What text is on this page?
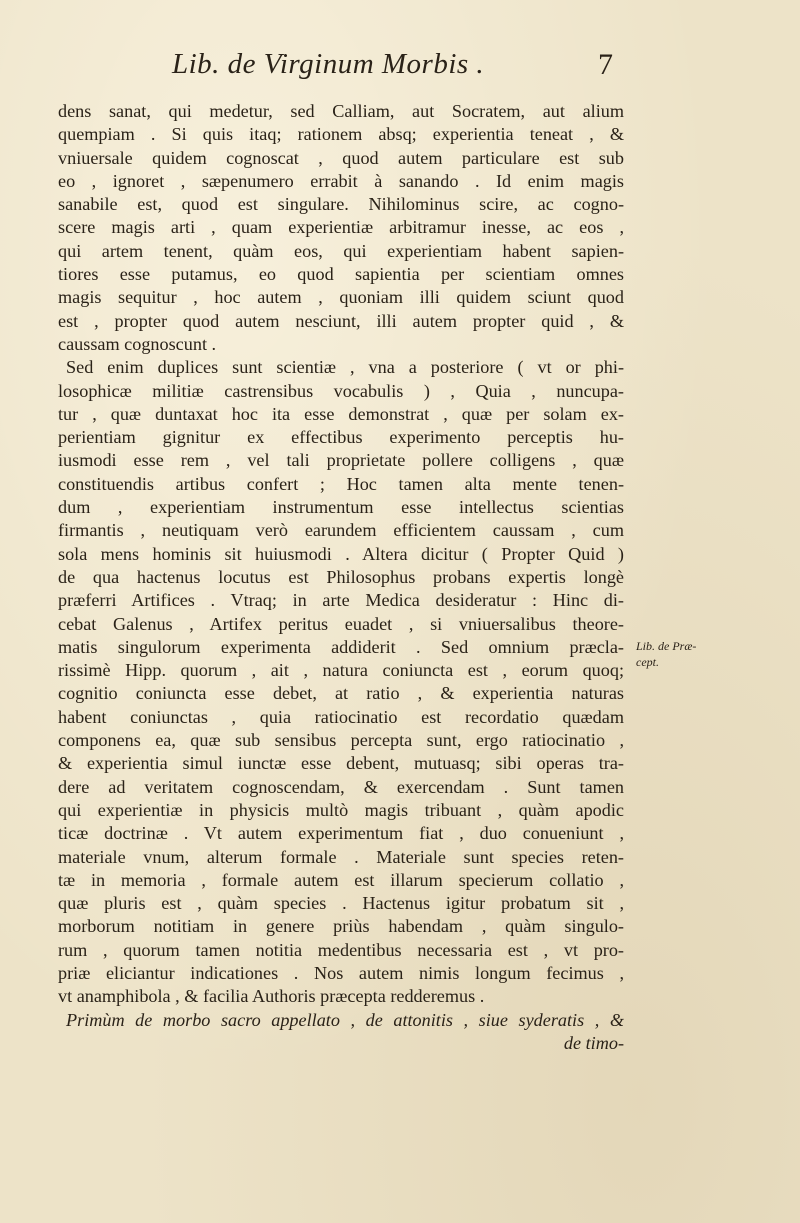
Lib. de Virginum Morbis .	7
dens sanat, qui medetur, sed Calliam, aut Socratem, aut alium
quempiam . Si quis itaq; rationem absq; experientia teneat , &
vniuersale quidem cognoscat , quod autem particulare est sub
eo , ignoret , sæpenumero errabit à sanando . Id enim magis
sanabile est, quod est singulare. Nihilominus scire, ac cogno-
scere magis arti , quam experientiæ arbitramur inesse, ac eos ,
qui artem tenent, quàm eos, qui experientiam habent sapien-
tiores esse putamus, eo quod sapientia per scientiam omnes
magis sequitur , hoc autem , quoniam illi quidem sciunt quod
est , propter quod autem nesciunt, illi autem propter quid , &
caussam cognoscunt .
Sed enim duplices sunt scientiæ , vna a posteriore ( vt or phi-
losophicæ militiæ castrensibus vocabulis ) , Quia , nuncupa-
tur , quæ duntaxat hoc ita esse demonstrat , quæ per solam ex-
perientiam gignitur ex effectibus experimento perceptis hu-
iusmodi esse rem , vel tali proprietate pollere colligens , quæ
constituendis artibus confert ; Hoc tamen alta mente tenen-
dum , experientiam instrumentum esse intellectus scientias
firmantis , neutiquam verò earundem efficientem caussam , cum
sola mens hominis sit huiusmodi . Altera dicitur ( Propter Quid )
de qua hactenus locutus est Philosophus probans expertis longè
præferri Artifices . Vtraq; in arte Medica desideratur : Hinc di-
cebat Galenus , Artifex peritus euadet , si vniuersalibus theore-
matis singulorum experimenta addiderit . Sed omnium præcla-
rissimè Hipp. quorum , ait , natura coniuncta est , eorum quoq;
cognitio coniuncta esse debet, at ratio , & experientia naturas
habent coniunctas , quia ratiocinatio est recordatio quædam
componens ea, quæ sub sensibus percepta sunt, ergo ratiocinatio ,
& experientia simul iunctæ esse debent, mutuasq; sibi operas tra-
dere ad veritatem cognoscendam, & exercendam . Sunt tamen
qui experientiæ in physicis multò magis tribuant , quàm apodic
ticæ doctrinæ . Vt autem experimentum fiat , duo conueniunt ,
materiale vnum, alterum formale . Materiale sunt species reten-
tæ in memoria , formale autem est illarum specierum collatio ,
quæ pluris est , quàm species . Hactenus igitur probatum sit ,
morborum notitiam in genere priùs habendam , quàm singulo-
rum , quorum tamen notitia medentibus necessaria est , vt pro-
priæ eliciantur indicationes . Nos autem nimis longum fecimus ,
vt anamphibola , & facilia Authoris præcepta redderemus .
Primùm de morbo sacro appellato , de attonitis , siue syderatis , &
de timo-
Lib. de Præ-
cept.
